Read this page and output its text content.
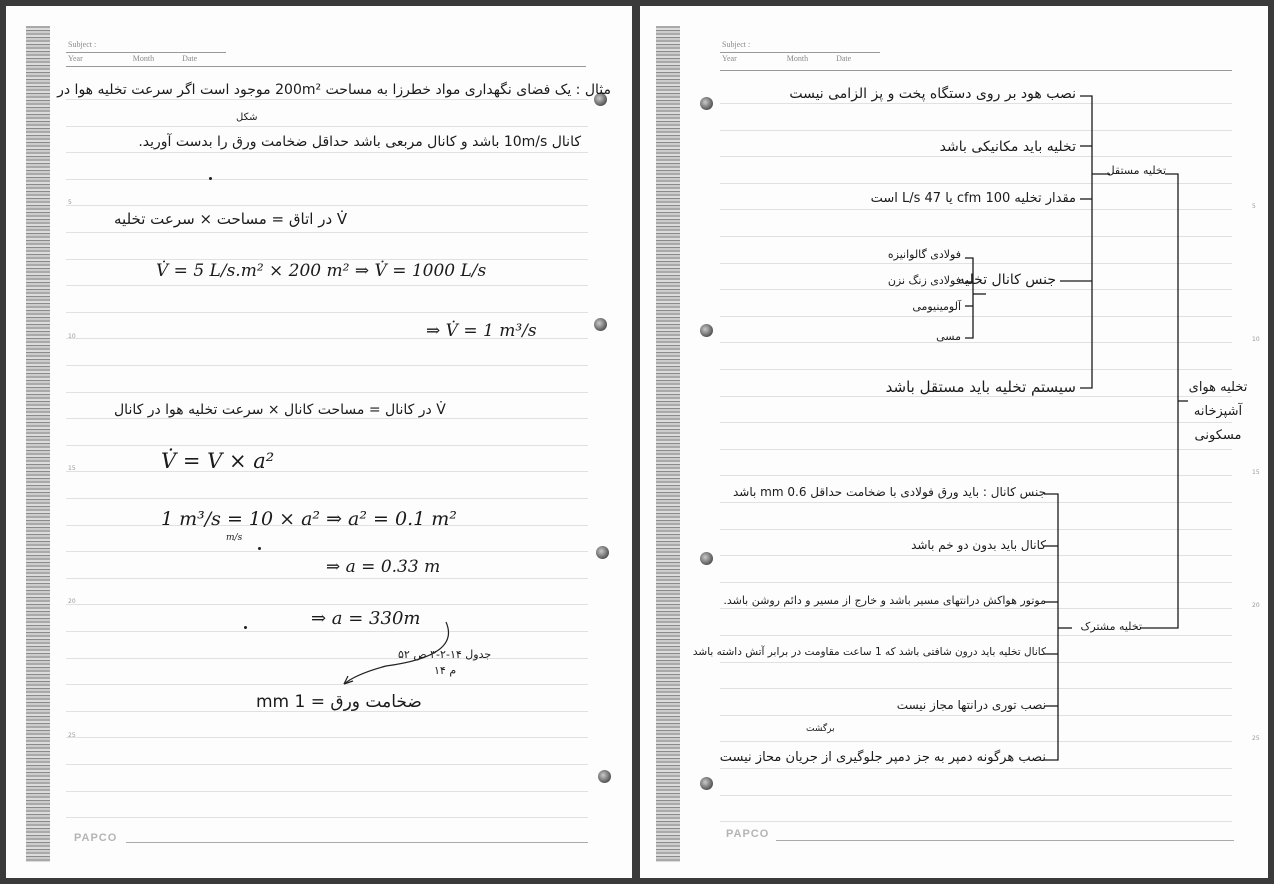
Subject :
Year	Month	Date
5
10
15
20
25
مثال : یک فضای نگهداری مواد خطرزا به مساحت 200m² موجود است اگر سرعت تخلیه هوا در
شکل
کانال 10m/s باشد و کانال مربعی باشد حداقل ضخامت ورق را بدست آورید.
V̇ در اتاق = مساحت × سرعت تخلیه
V̇ = 5 L/s.m² × 200 m² ⇒ V̇ = 1000 L/s
⇒ V̇ = 1 m³/s
V̇ در کانال = مساحت کانال × سرعت تخلیه هوا در کانال
V̇ = V × a²
1 m³/s = 10 × a² ⇒ a² = 0.1 m²
m/s
⇒ a = 0.33 m
⇒ a = 330m
جدول ۱۴-۲-۳ ص ۵۲
م ۱۴
ضخامت ورق = 1 mm
PAPCO
Subject :
Year	Month	Date
5
10
15
20
25
نصب هود بر روی دستگاه پخت و پز الزامی نیست
تخلیه باید مکانیکی باشد
مقدار تخلیه 100 cfm یا 47 L/s است
جنس کانال تخلیه
سیستم تخلیه باید مستقل باشد
فولادی گالوانیزه
فولادی زنگ نزن
آلومینیومی
مسی
تخلیه مستقل
تخلیه هوای آشپزخانه مسکونی
جنس کانال : باید ورق فولادی با ضخامت حداقل 0.6 mm باشد
کانال باید بدون دو خم باشد
موتور هواکش درانتهای مسیر باشد و خارج از مسیر و دائم روشن باشد.
کانال تخلیه باید درون شافتی باشد که 1 ساعت مقاومت در برابر آتش داشته باشد
نصب توری درانتها مجاز نیست
نصب هرگونه دمپر به جز دمپر جلوگیری از جریان محاز نیست
برگشت
تخلیه مشترک
PAPCO
